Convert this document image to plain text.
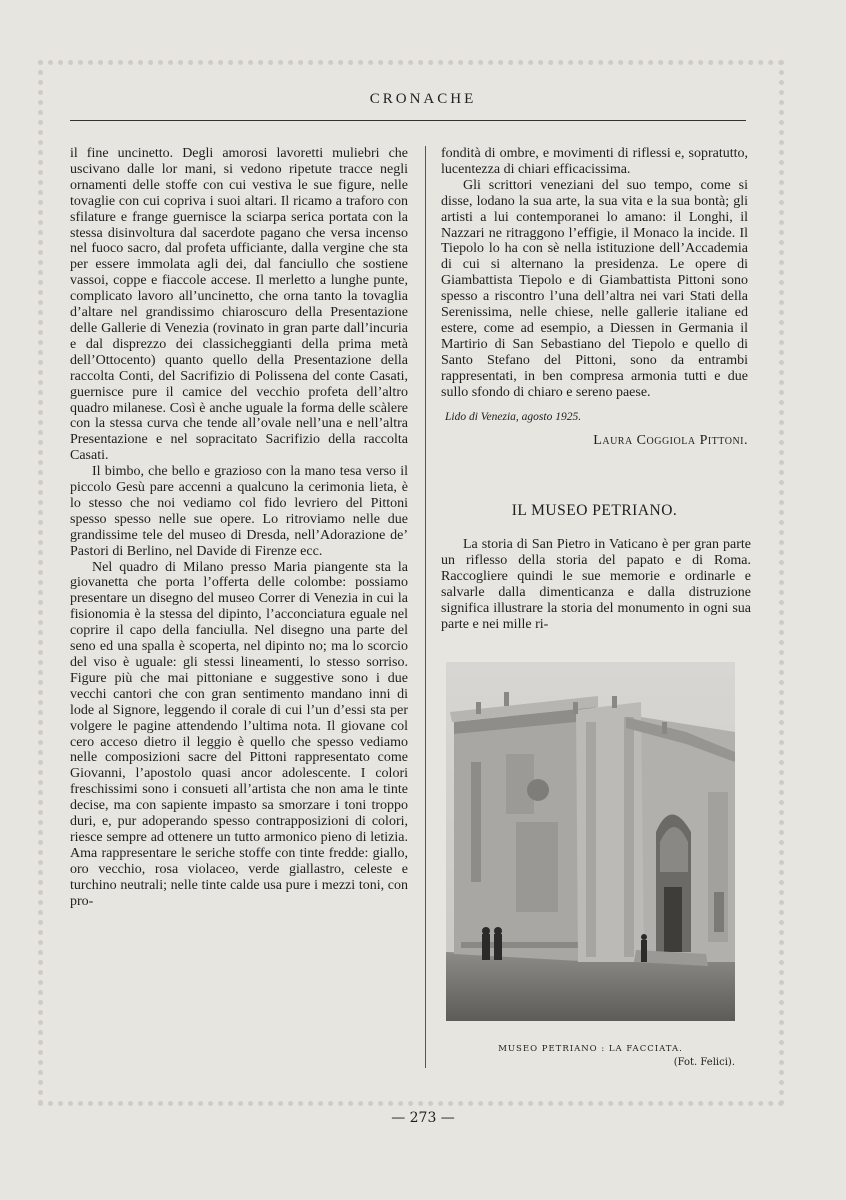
CRONACHE

il fine uncinetto. Degli amorosi lavoretti muliebri che uscivano dalle lor mani, si vedono ripetute tracce negli ornamenti delle stoffe con cui vestiva le sue figure, nelle tovaglie con cui copriva i suoi altari. Il ricamo a traforo con sfilature e frange guernisce la sciarpa serica portata con la stessa disinvoltura dal sacerdote pagano che versa incenso nel fuoco sacro, dal profeta ufficiante, dalla vergine che sta per essere immolata agli dei, dal fanciullo che sostiene vassoi, coppe e fiaccole accese. Il merletto a lunghe punte, complicato lavoro all’uncinetto, che orna tanto la tovaglia d’altare nel grandissimo chiaroscuro della Presentazione delle Gallerie di Venezia (rovinato in gran parte dall’incuria e dal disprezzo dei classicheggianti della prima metà dell’Ottocento) quanto quello della Presentazione della raccolta Conti, del Sacrifizio di Polissena del conte Casati, guernisce pure il camice del vecchio profeta dell’altro quadro milanese. Così è anche uguale la forma delle scàlere con la stessa curva che tende all’ovale nell’una e nell’altra Presentazione e nel sopracitato Sacrifizio della raccolta Casati.

Il bimbo, che bello e grazioso con la mano tesa verso il piccolo Gesù pare accenni a qualcuno la cerimonia lieta, è lo stesso che noi vediamo col fido levriero del Pittoni spesso spesso nelle sue opere. Lo ritroviamo nelle due grandissime tele del museo di Dresda, nell’Adorazione de’ Pastori di Berlino, nel Davide di Firenze ecc.

Nel quadro di Milano presso Maria piangente sta la giovanetta che porta l’offerta delle colombe: possiamo presentare un disegno del museo Correr di Venezia in cui la fisionomia è la stessa del dipinto, l’acconciatura eguale nel coprire il capo della fanciulla. Nel disegno una parte del seno ed una spalla è scoperta, nel dipinto no; ma lo scorcio del viso è uguale: gli stessi lineamenti, lo stesso sorriso. Figure più che mai pittoniane e suggestive sono i due vecchi cantori che con gran sentimento mandano inni di lode al Signore, leggendo il corale di cui l’un d’essi sta per volgere le pagine attendendo l’ultima nota. Il giovane col cero acceso dietro il leggio è quello che spesso vediamo nelle composizioni sacre del Pittoni rappresentato come Giovanni, l’apostolo quasi ancor adolescente. I colori freschissimi sono i consueti all’artista che non ama le tinte decise, ma con sapiente impasto sa smorzare i toni troppo duri, e, pur adoperando spesso contrapposizioni di colori, riesce sempre ad ottenere un tutto armonico pieno di letizia. Ama rappresentare le seriche stoffe con tinte fredde: giallo, oro vecchio, rosa violaceo, verde giallastro, celeste e turchino neutrali; nelle tinte calde usa pure i mezzi toni, con pro-

fondità di ombre, e movimenti di riflessi e, sopratutto, lucentezza di chiari efficacissima.

Gli scrittori veneziani del suo tempo, come si disse, lodano la sua arte, la sua vita e la sua bontà; gli artisti a lui contemporanei lo amano: il Longhi, il Nazzari ne ritraggono l’effigie, il Monaco la incide. Il Tiepolo lo ha con sè nella istituzione dell’Accademia di cui si alternano la presidenza. Le opere di Giambattista Tiepolo e di Giambattista Pittoni sono spesso a riscontro l’una dell’altra nei vari Stati della Serenissima, nelle chiese, nelle gallerie italiane ed estere, come ad esempio, a Diessen in Germania il Martirio di San Sebastiano del Tiepolo e quello di Santo Stefano del Pittoni, sono da entrambi rappresentati, in ben compresa armonia tutti e due sullo sfondo di chiaro e sereno paese.

Lido di Venezia, agosto 1925.

Laura Coggiola Pittoni.

IL MUSEO PETRIANO.

La storia di San Pietro in Vaticano è per gran parte un riflesso della storia del papato e di Roma. Raccogliere quindi le sue memorie e ordinarle e salvarle dalla dimenticanza e dalla distruzione significa illustrare la storia del monumento in ogni sua parte e nei mille ri-

MUSEO PETRIANO : LA FACCIATA.
(Fot. Felici).
— 273 —
